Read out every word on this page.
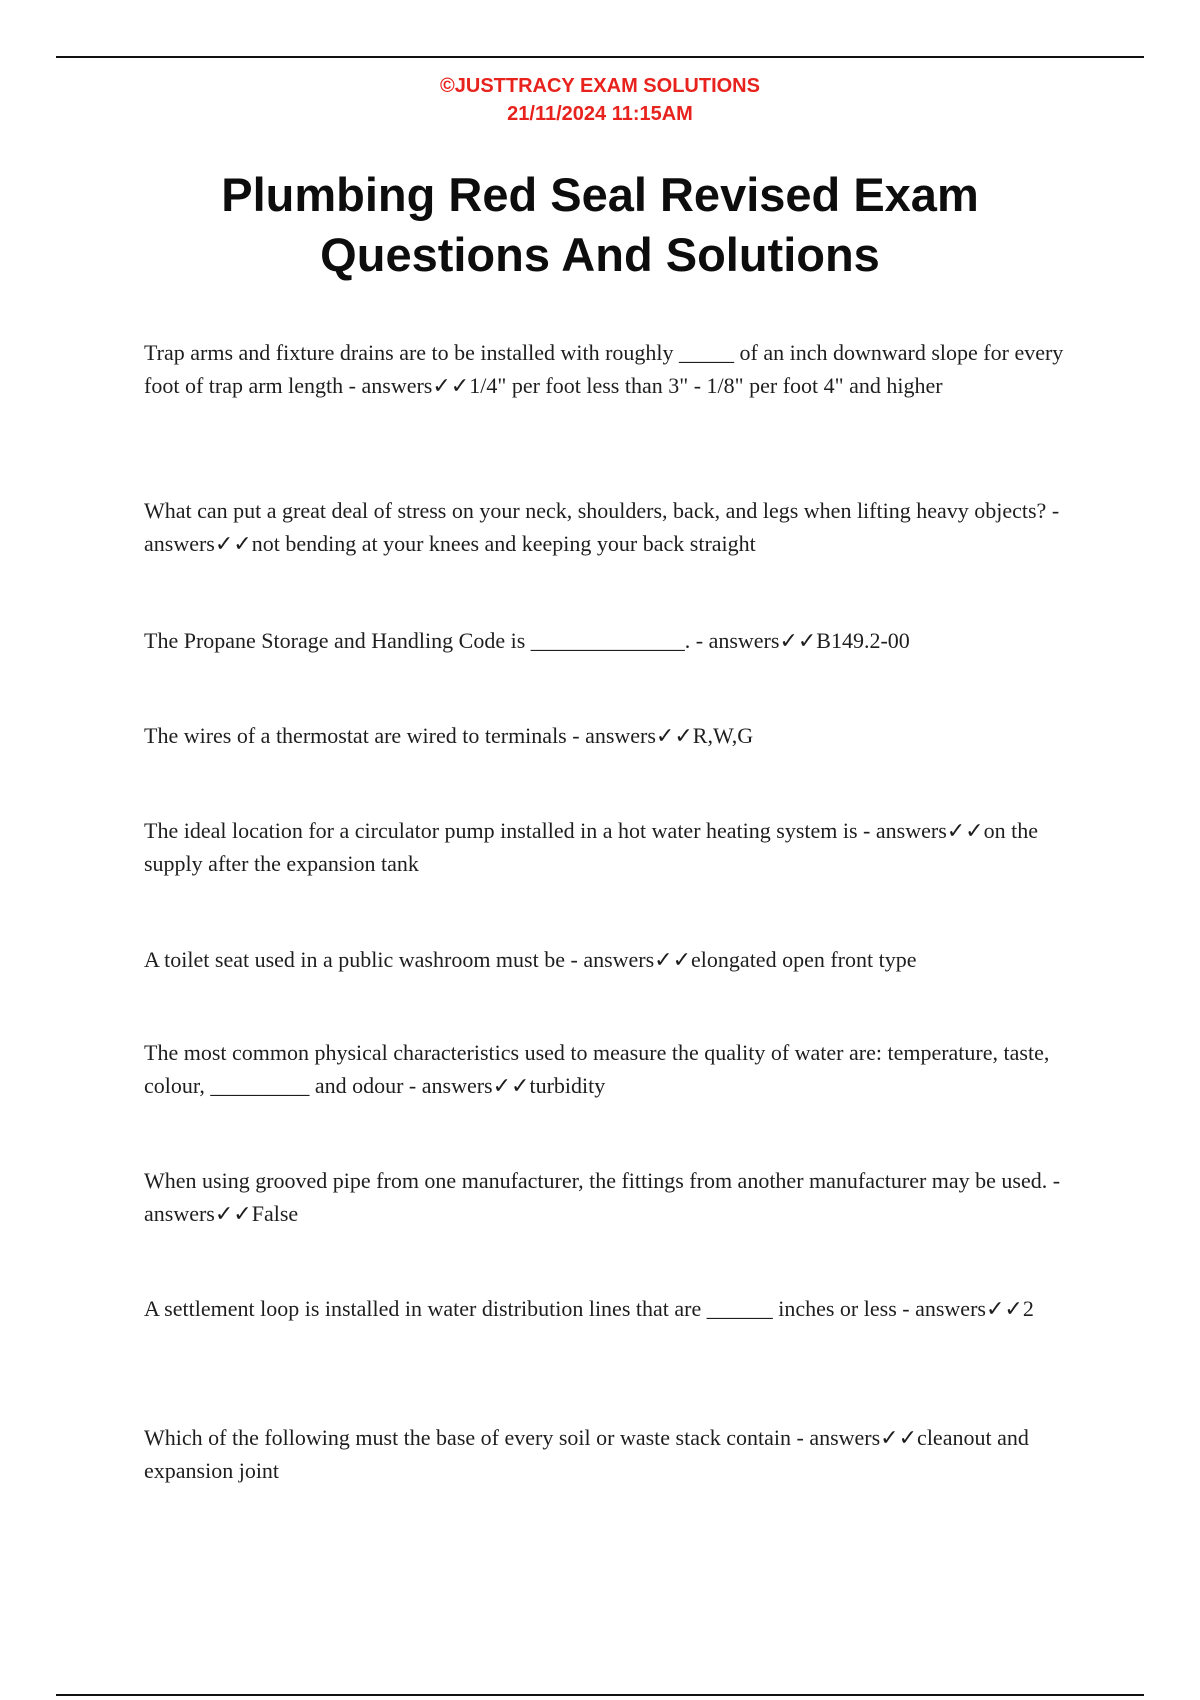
©JUSTTRACY EXAM SOLUTIONS
21/11/2024 11:15AM
Plumbing Red Seal Revised Exam Questions And Solutions

Trap arms and fixture drains are to be installed with roughly _____ of an inch downward slope for every foot of trap arm length - answers✓✓1/4" per foot less than 3" - 1/8" per foot 4" and higher

What can put a great deal of stress on your neck, shoulders, back, and legs when lifting heavy objects? - answers✓✓not bending at your knees and keeping your back straight

The Propane Storage and Handling Code is ______________. - answers✓✓B149.2-00

The wires of a thermostat are wired to terminals - answers✓✓R,W,G

The ideal location for a circulator pump installed in a hot water heating system is - answers✓✓on the supply after the expansion tank

A toilet seat used in a public washroom must be - answers✓✓elongated open front type

The most common physical characteristics used to measure the quality of water are: temperature, taste, colour, _________ and odour - answers✓✓turbidity

When using grooved pipe from one manufacturer, the fittings from another manufacturer may be used. - answers✓✓False

A settlement loop is installed in water distribution lines that are ______ inches or less - answers✓✓2

Which of the following must the base of every soil or waste stack contain - answers✓✓cleanout and expansion joint
